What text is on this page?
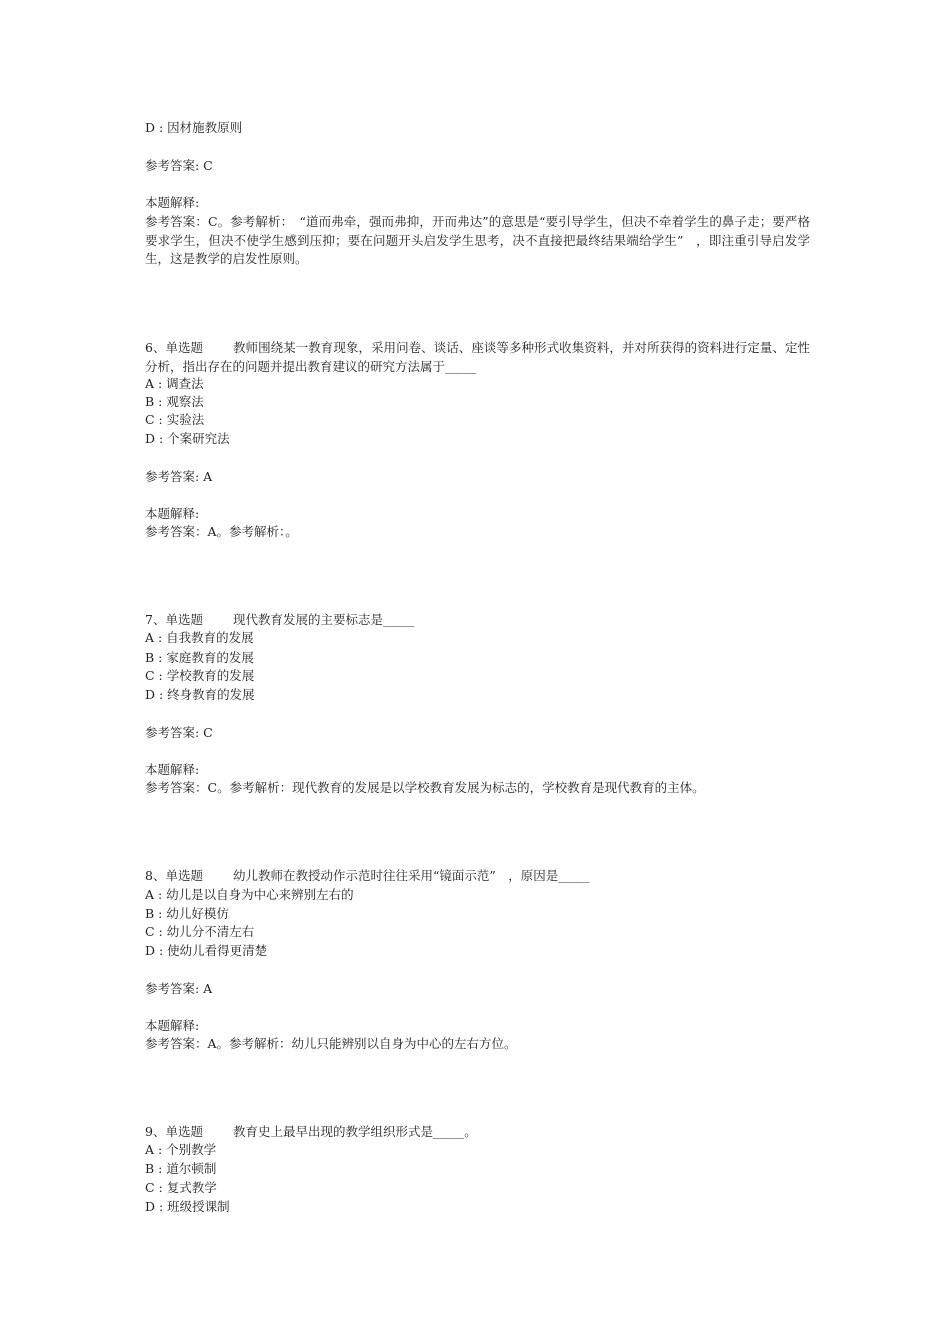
D : 因材施教原则
参考答案: C
本题解释:
参考答案：C。参考解析：　“道而弗牵，强而弗抑，开而弗达”的意思是“要引导学生，但决不牵着学生的鼻子走；要严格要求学生，但决不使学生感到压抑；要在问题开头启发学生思考，决不直接把最终结果端给学生”　，即注重引导启发学生，这是教学的启发性原则。
6、单选题 教师围绕某一教育现象，采用问卷、谈话、座谈等多种形式收集资料，并对所获得的资料进行定量、定性分析，指出存在的问题并提出教育建议的研究方法属于_____
A : 调查法
B : 观察法
C : 实验法
D : 个案研究法
参考答案: A
本题解释:
参考答案：A。参考解析：。
7、单选题 现代教育发展的主要标志是_____
A : 自我教育的发展
B : 家庭教育的发展
C : 学校教育的发展
D : 终身教育的发展
参考答案: C
本题解释:
参考答案：C。参考解析：现代教育的发展是以学校教育发展为标志的，学校教育是现代教育的主体。
8、单选题 幼儿教师在教授动作示范时往往采用“镜面示范”　，原因是_____
A : 幼儿是以自身为中心来辨别左右的
B : 幼儿好模仿
C : 幼儿分不清左右
D : 使幼儿看得更清楚
参考答案: A
本题解释:
参考答案：A。参考解析：幼儿只能辨别以自身为中心的左右方位。
9、单选题 教育史上最早出现的教学组织形式是_____。
A : 个别教学
B : 道尔顿制
C : 复式教学
D : 班级授课制
